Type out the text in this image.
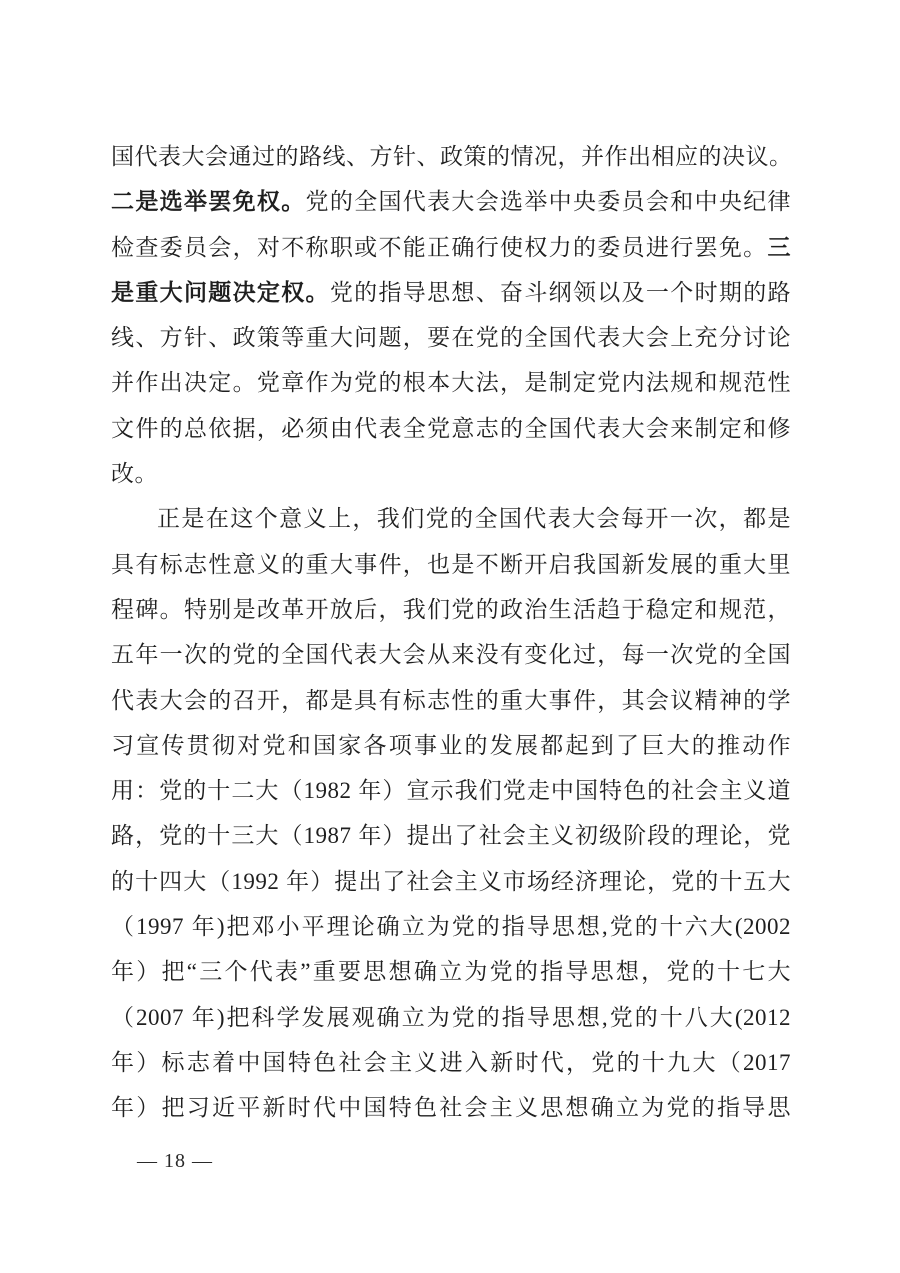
国代表大会通过的路线、方针、政策的情况，并作出相应的决议。
二是选举罢免权。党的全国代表大会选举中央委员会和中央纪律
检查委员会，对不称职或不能正确行使权力的委员进行罢免。三
是重大问题决定权。党的指导思想、奋斗纲领以及一个时期的路
线、方针、政策等重大问题，要在党的全国代表大会上充分讨论
并作出决定。党章作为党的根本大法，是制定党内法规和规范性
文件的总依据，必须由代表全党意志的全国代表大会来制定和修
改。
正是在这个意义上，我们党的全国代表大会每开一次，都是
具有标志性意义的重大事件，也是不断开启我国新发展的重大里
程碑。特别是改革开放后，我们党的政治生活趋于稳定和规范，
五年一次的党的全国代表大会从来没有变化过，每一次党的全国
代表大会的召开，都是具有标志性的重大事件，其会议精神的学
习宣传贯彻对党和国家各项事业的发展都起到了巨大的推动作
用：党的十二大（1982 年）宣示我们党走中国特色的社会主义道
路，党的十三大（1987 年）提出了社会主义初级阶段的理论，党
的十四大（1992 年）提出了社会主义市场经济理论，党的十五大
（1997 年)把邓小平理论确立为党的指导思想,党的十六大(2002
年）把“三个代表”重要思想确立为党的指导思想，党的十七大
（2007 年)把科学发展观确立为党的指导思想,党的十八大(2012
年）标志着中国特色社会主义进入新时代，党的十九大（2017
年）把习近平新时代中国特色社会主义思想确立为党的指导思
— 18 —
